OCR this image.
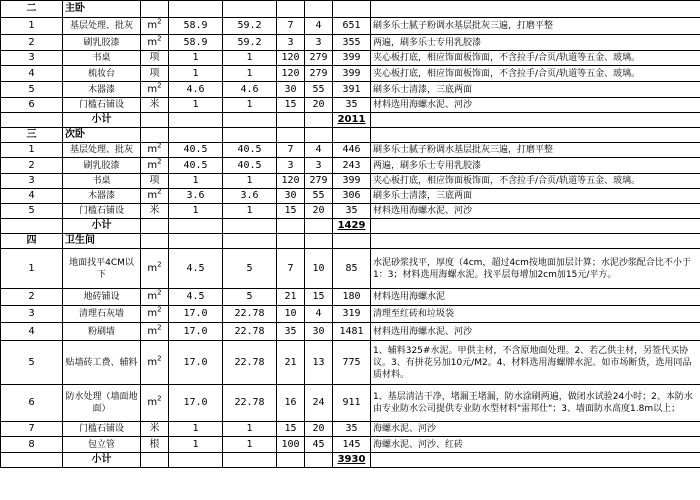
二	主卧							
1	基层处理、批灰	$m^2$	58.9	59.2	7	4	651	刷多乐士腻子粉调水基层批灰三遍，打磨平整
2	刷乳胶漆	$m^2$	58.9	59.2	3	3	355	两遍，刷多乐士专用乳胶漆
3	书桌	项	1	1	120	279	399	夹心板打底，相应饰面板饰面，不含拉手/合页/轨道等五金、玻璃。
4	梳妆台	项	1	1	120	279	399	夹心板打底，相应饰面板饰面，不含拉手/合页/轨道等五金、玻璃。
5	木器漆	$m^2$	4.6	4.6	30	55	391	刷多乐士清漆，三底两面
6	门槛石铺设	米	1	1	15	20	35	材料选用海螺水泥、河沙
	小计						2011	
三	次卧							
1	基层处理、批灰	$m^2$	40.5	40.5	7	4	446	刷多乐士腻子粉调水基层批灰三遍，打磨平整
2	刷乳胶漆	$m^2$	40.5	40.5	3	3	243	两遍，刷多乐士专用乳胶漆
3	书桌	项	1	1	120	279	399	夹心板打底，相应饰面板饰面，不含拉手/合页/轨道等五金、玻璃。
4	木器漆	$m^2$	3.6	3.6	30	55	306	刷多乐士清漆，三底两面
5	门槛石铺设	米	1	1	15	20	35	材料选用海螺水泥、河沙
	小计						1429	
四	卫生间							
1	地面找平4CM以下	$m^2$	4.5	5	7	10	85	水泥砂浆找平，厚度（4cm，超过4cm按地面加层计算；水泥沙浆配合比不小于1：3；材料选用海螺水泥。找平层每增加2cm加15元/平方。
2	地砖铺设	$m^2$	4.5	5	21	15	180	材料选用海螺水泥
3	清理石灰墙	$m^2$	17.0	22.78	10	4	319	清理至红砖和垃圾袋
4	粉刷墙	$m^2$	17.0	22.78	35	30	1481	材料选用海螺水泥、河沙
5	贴墙砖工费、辅料	$m^2$	17.0	22.78	21	13	775	1、辅料325#水泥。甲供主材，不含原地面处理。2、若乙供主材，另签代买协议。3、有拼花另加10元/M2。4、材料选用海螺牌水泥。如市场断货，选用同品质材料。
6	防水处理（墙面地面）	$m^2$	17.0	22.78	16	24	911	1、基层清洁干净，堵漏王堵漏，防水涂刷两遍，做闭水试验24小时；2、本防水由专业防水公司提供专业防水型材料"雷邦仕"；3、墙面防水高度1.8m以上；
7	门槛石铺设	米	1	1	15	20	35	海螺水泥、河沙
8	包立管	根	1	1	100	45	145	海螺水泥、河沙、红砖
	小计						3930	
